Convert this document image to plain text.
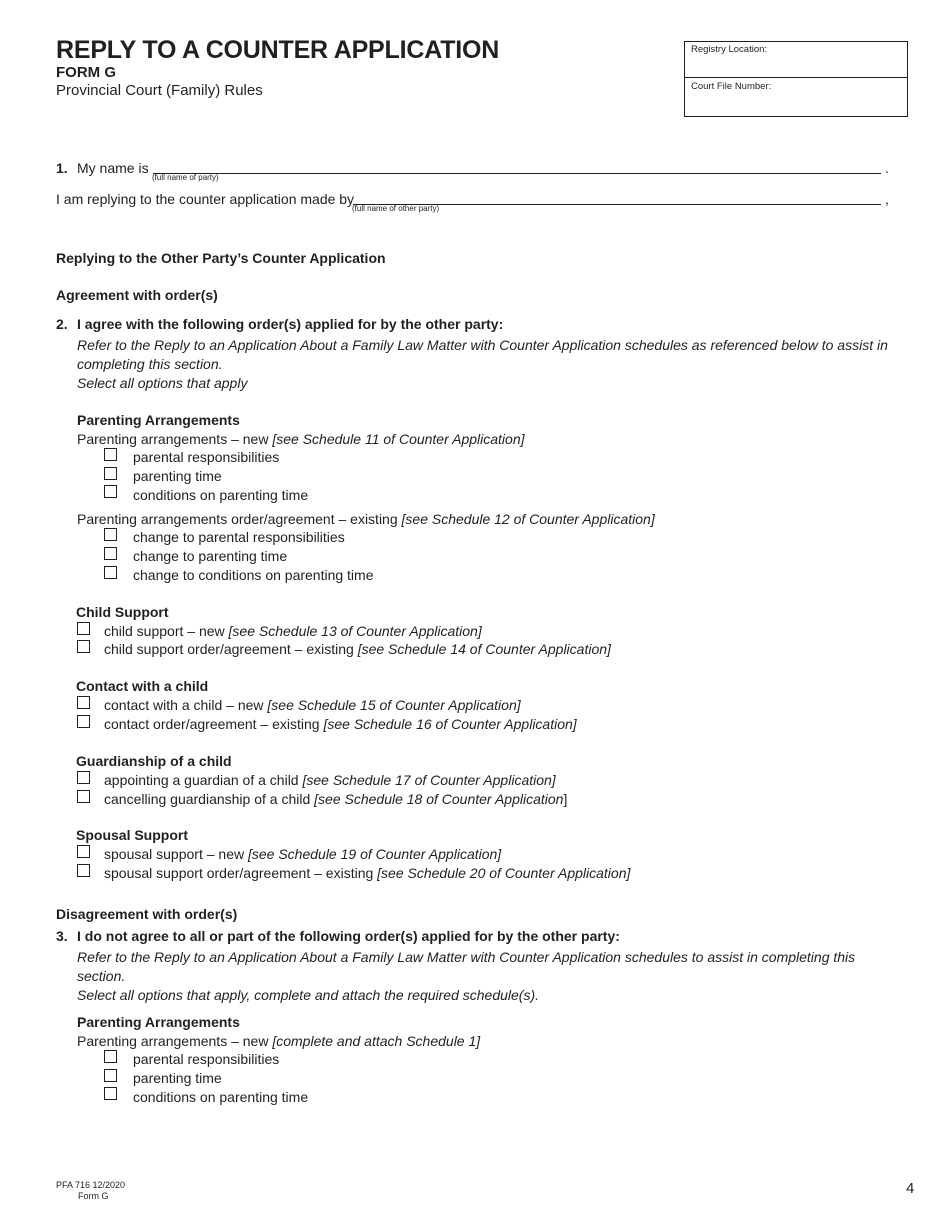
REPLY TO A COUNTER APPLICATION
FORM G
Provincial Court (Family) Rules
Registry Location:
Court File Number:
1. My name is
(full name of party)
.
I am replying to the counter application made by
(full name of other party)
,
Replying to the Other Party’s Counter Application
Agreement with order(s)
2. I agree with the following order(s) applied for by the other party:
Refer to the Reply to an Application About a Family Law Matter with Counter Application schedules as referenced below to assist in
completing this section.
Select all options that apply
Parenting Arrangements
Parenting arrangements – new [see Schedule 11 of Counter Application]
parental responsibilities
parenting time
conditions on parenting time
Parenting arrangements order/agreement – existing [see Schedule 12 of Counter Application]
change to parental responsibilities
change to parenting time
change to conditions on parenting time
Child Support
child support – new [see Schedule 13 of Counter Application]
child support order/agreement – existing [see Schedule 14 of Counter Application]
Contact with a child
contact with a child – new [see Schedule 15 of Counter Application]
contact order/agreement – existing [see Schedule 16 of Counter Application]
Guardianship of a child
appointing a guardian of a child [see Schedule 17 of Counter Application]
cancelling guardianship of a child [see Schedule 18 of Counter Application]
Spousal Support
spousal support – new [see Schedule 19 of Counter Application]
spousal support order/agreement – existing [see Schedule 20 of Counter Application]
Disagreement with order(s)
3. I do not agree to all or part of the following order(s) applied for by the other party:
Refer to the Reply to an Application About a Family Law Matter with Counter Application schedules to assist in completing this
section.
Select all options that apply, complete and attach the required schedule(s).
Parenting Arrangements
Parenting arrangements – new [complete and attach Schedule 1]
parental responsibilities
parenting time
conditions on parenting time
PFA 716 12/2020
Form G	4
